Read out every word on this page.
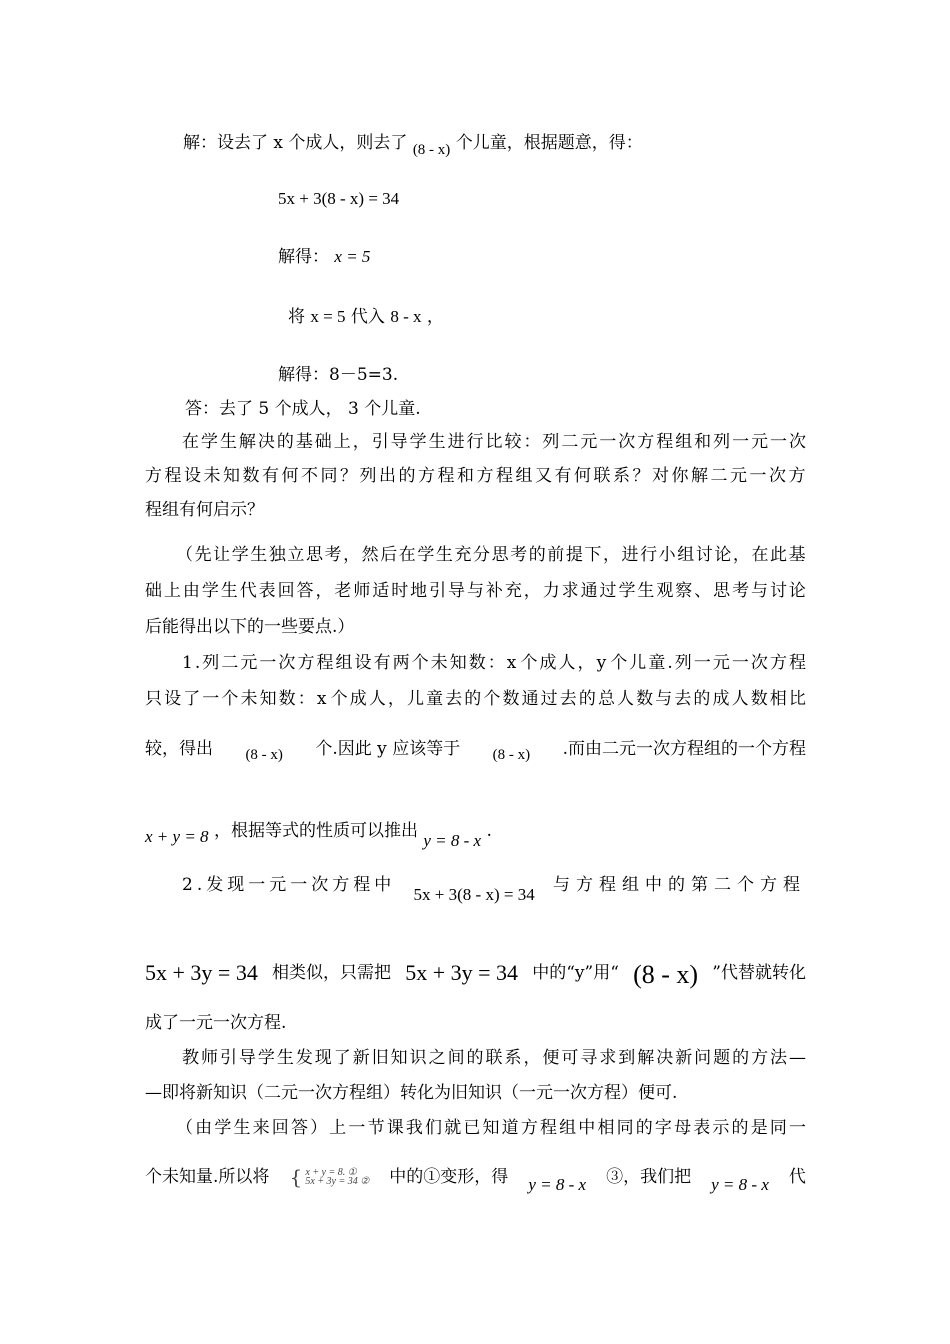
解：设去了 x 个成人，则去了 (8 - x) 个儿童，根据题意，得：
5x + 3(8 - x) = 34
解得： x = 5
将 x = 5 代入 8 - x ，
解得：8－5=3.
答：去了 5 个成人， 3 个儿童.
在 学 生 解 决 的 基 础 上 ， 引 导 学 生 进 行 比 较 ： 列 二 元 一 次 方 程 组 和 列 一 元 一 次
方 程 设 未 知 数 有 何 不 同 ？ 列 出 的 方 程 和 方 程 组 又 有 何 联 系 ？ 对 你 解 二 元 一 次 方
程组有何启示？
（ 先 让 学 生 独 立 思 考 ， 然 后 在 学 生 充 分 思 考 的 前 提 下 ， 进 行 小 组 讨 论 ， 在 此 基
础 上 由 学 生 代 表 回 答 ， 老 师 适 时 地 引 导 与 补 充 ， 力 求 通 过 学 生 观 察 、 思 考 与 讨 论
后能得出以下的一些要点.）
1 . 列 二 元 一 次 方 程 组 设 有 两 个 未 知 数 ： x 个 成 人 ， y 个 儿 童 . 列 一 元 一 次 方 程
只 设 了 一 个 未 知 数 ： x 个 成 人 ， 儿 童 去 的 个 数 通 过 去 的 总 人 数 与 去 的 成 人 数 相 比
较，得出 (8 - x) 个.因此 y 应该等于 (8 - x) .而由二元一次方程组的一个方程
x + y = 8 ，根据等式的性质可以推出 y = 8 - x .
2.发现一元一次方程中 5x + 3(8 - x) = 34 与方程组中的第二个方程
5x + 3y = 34 相类似，只需把 5x + 3y = 34 中的“y”用“ (8 - x) ”代替就转化
成了一元一次方程.
教 师 引 导 学 生 发 现 了 新 旧 知 识 之 间 的 联 系 ， 便 可 寻 求 到 解 决 新 问 题 的 方 法 —
—即将新知识（二元一次方程组）转化为旧知识（一元一次方程）便可.
（ 由 学 生 来 回 答 ） 上 一 节 课 我 们 就 已 知 道 方 程 组 中 相 同 的 字 母 表 示 的 是 同 一
个未知量.所以将 { x + y = 8. ①
5x + 3y = 34 ② 中的①变形，得 y = 8 - x ③，我们把 y = 8 - x 代
